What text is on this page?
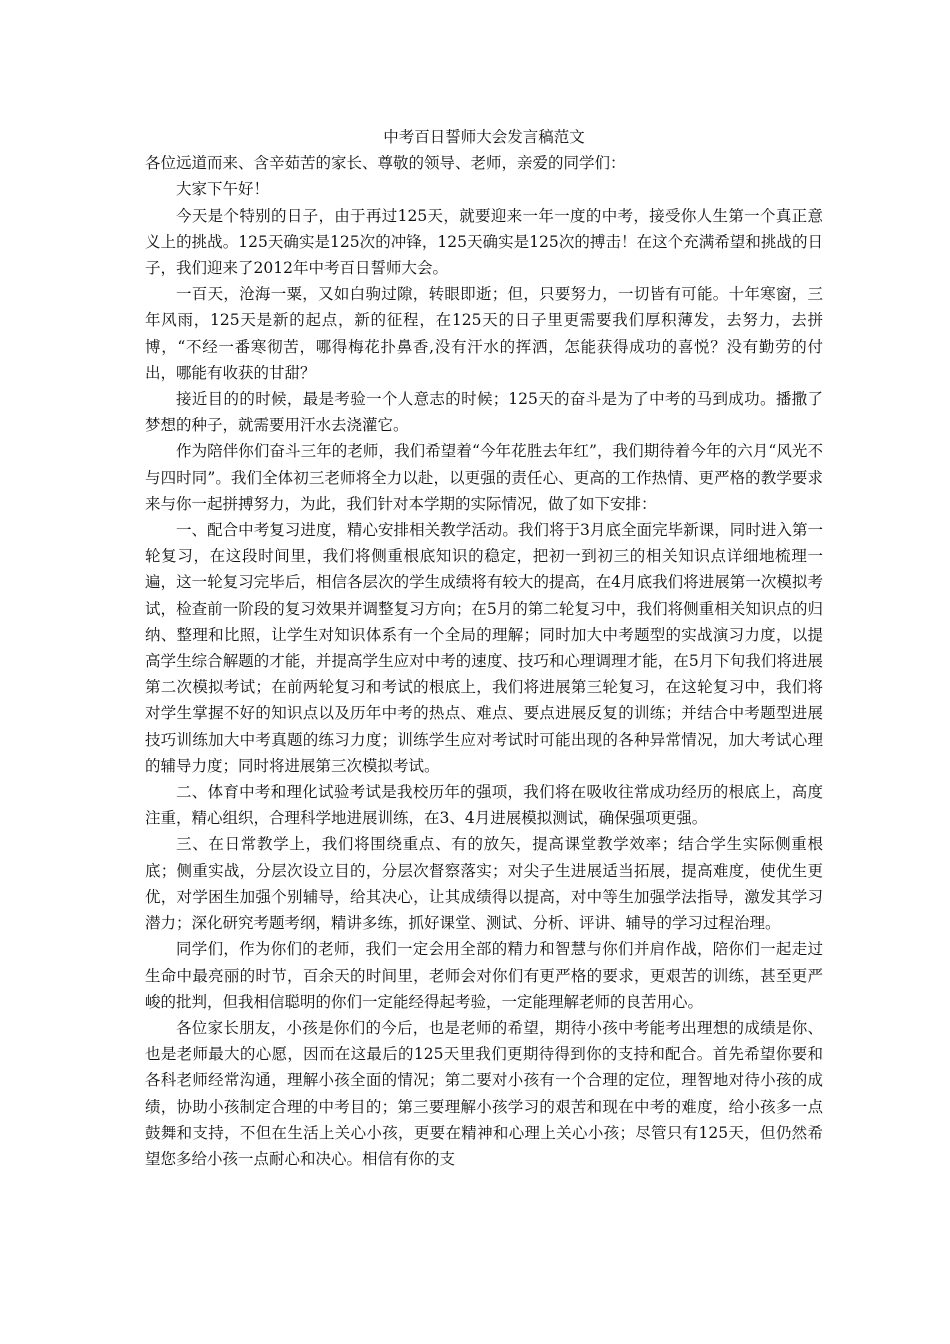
中考百日誓师大会发言稿范文

各位远道而来、含辛茹苦的家长、尊敬的领导、老师，亲爱的同学们：

大家下午好！

今天是个特别的日子，由于再过125天，就要迎来一年一度的中考，接受你人生第一个真正意义上的挑战。125天确实是125次的冲锋，125天确实是125次的搏击！在这个充满希望和挑战的日子，我们迎来了2012年中考百日誓师大会。

一百天，沧海一粟，又如白驹过隙，转眼即逝；但，只要努力，一切皆有可能。十年寒窗，三年风雨，125天是新的起点，新的征程，在125天的日子里更需要我们厚积薄发，去努力，去拼博，“不经一番寒彻苦，哪得梅花扑鼻香,没有汗水的挥洒，怎能获得成功的喜悦？没有勤劳的付出，哪能有收获的甘甜？

接近目的的时候，最是考验一个人意志的时候；125天的奋斗是为了中考的马到成功。播撒了梦想的种子，就需要用汗水去浇灌它。

作为陪伴你们奋斗三年的老师，我们希望着“今年花胜去年红”，我们期待着今年的六月“风光不与四时同”。我们全体初三老师将全力以赴，以更强的责任心、更高的工作热情、更严格的教学要求来与你一起拼搏努力，为此，我们针对本学期的实际情况，做了如下安排：

一、配合中考复习进度，精心安排相关教学活动。我们将于3月底全面完毕新课，同时进入第一轮复习，在这段时间里，我们将侧重根底知识的稳定，把初一到初三的相关知识点详细地梳理一遍，这一轮复习完毕后，相信各层次的学生成绩将有较大的提高，在4月底我们将进展第一次模拟考试，检查前一阶段的复习效果并调整复习方向；在5月的第二轮复习中，我们将侧重相关知识点的归纳、整理和比照，让学生对知识体系有一个全局的理解；同时加大中考题型的实战演习力度，以提高学生综合解题的才能，并提高学生应对中考的速度、技巧和心理调理才能，在5月下旬我们将进展第二次模拟考试；在前两轮复习和考试的根底上，我们将进展第三轮复习，在这轮复习中，我们将对学生掌握不好的知识点以及历年中考的热点、难点、要点进展反复的训练；并结合中考题型进展技巧训练加大中考真题的练习力度；训练学生应对考试时可能出现的各种异常情况，加大考试心理的辅导力度；同时将进展第三次模拟考试。

二、体育中考和理化试验考试是我校历年的强项，我们将在吸收往常成功经历的根底上，高度注重，精心组织，合理科学地进展训练，在3、4月进展模拟测试，确保强项更强。

三、在日常教学上，我们将围绕重点、有的放矢，提高课堂教学效率；结合学生实际侧重根底；侧重实战，分层次设立目的，分层次督察落实；对尖子生进展适当拓展，提高难度，使优生更优，对学困生加强个别辅导，给其决心，让其成绩得以提高，对中等生加强学法指导，激发其学习潜力；深化研究考题考纲，精讲多练，抓好课堂、测试、分析、评讲、辅导的学习过程治理。

同学们，作为你们的老师，我们一定会用全部的精力和智慧与你们并肩作战，陪你们一起走过生命中最亮丽的时节，百余天的时间里，老师会对你们有更严格的要求，更艰苦的训练，甚至更严峻的批判，但我相信聪明的你们一定能经得起考验，一定能理解老师的良苦用心。

各位家长朋友，小孩是你们的今后，也是老师的希望，期待小孩中考能考出理想的成绩是你、也是老师最大的心愿，因而在这最后的125天里我们更期待得到你的支持和配合。首先希望你要和各科老师经常沟通，理解小孩全面的情况；第二要对小孩有一个合理的定位，理智地对待小孩的成绩，协助小孩制定合理的中考目的；第三要理解小孩学习的艰苦和现在中考的难度，给小孩多一点鼓舞和支持，不但在生活上关心小孩，更要在精神和心理上关心小孩；尽管只有125天，但仍然希望您多给小孩一点耐心和决心。相信有你的支
